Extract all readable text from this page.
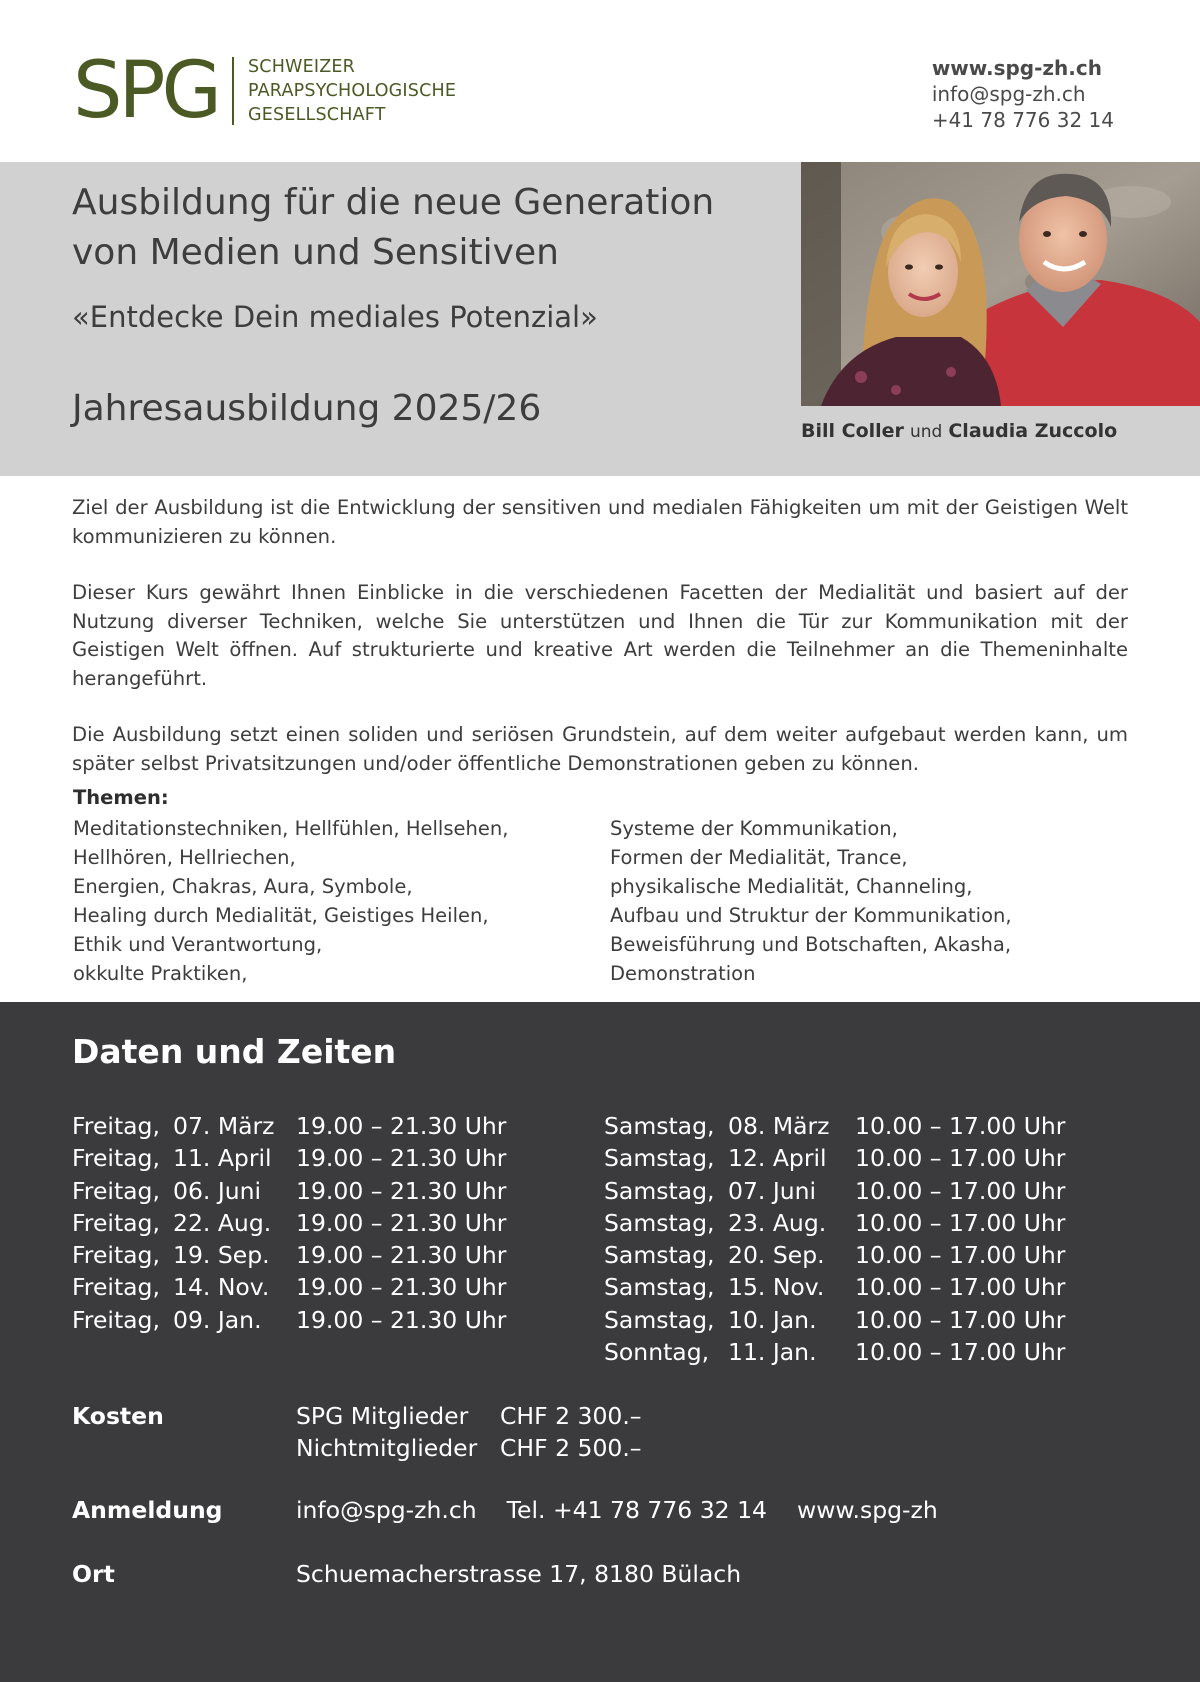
SPG SCHWEIZER
PARAPSYCHOLOGISCHE
GESELLSCHAFT
www.spg-zh.ch
info@spg-zh.ch
+41 78 776 32 14
Ausbildung für die neue Generation
von Medien und Sensitiven
«Entdecke Dein mediales Potenzial»
Jahresausbildung 2025/26
Bill Coller und Claudia Zuccolo

Ziel der Ausbildung ist die Entwicklung der sensitiven und medialen Fähigkeiten um mit der Geistigen Welt kommunizieren zu können.

Dieser Kurs gewährt Ihnen Einblicke in die verschiedenen Facetten der Medialität und basiert auf der Nutzung diverser Techniken, welche Sie unterstützen und Ihnen die Tür zur Kommunikation mit der Geistigen Welt öffnen. Auf strukturierte und kreative Art werden die Teilnehmer an die Themeninhalte herangeführt.

Die Ausbildung setzt einen soliden und seriösen Grundstein, auf dem weiter aufgebaut werden kann, um später selbst Privatsitzungen und/oder öffentliche Demonstrationen geben zu können.

Themen:
Meditationstechniken, Hellfühlen, Hellsehen,
Hellhören, Hellriechen,
Energien, Chakras, Aura, Symbole,
Healing durch Medialität, Geistiges Heilen,
Ethik und Verantwortung,
okkulte Praktiken,
Systeme der Kommunikation,
Formen der Medialität, Trance,
physikalische Medialität, Channeling,
Aufbau und Struktur der Kommunikation,
Beweisführung und Botschaften, Akasha,
Demonstration
Daten und Zeiten
Freitag, 07. März 19.00 – 21.30 Uhr
Freitag, 11. April	19.00 – 21.30 Uhr
Freitag, 06. Juni	19.00 – 21.30 Uhr
Freitag, 22. Aug.	19.00 – 21.30 Uhr
Freitag, 19. Sep.	19.00 – 21.30 Uhr
Freitag, 14. Nov.	19.00 – 21.30 Uhr
Freitag, 09. Jan.	19.00 – 21.30 Uhr
Samstag, 08. März	10.00 – 17.00 Uhr
Samstag, 12. April	10.00 – 17.00 Uhr
Samstag, 07. Juni	10.00 – 17.00 Uhr
Samstag, 23. Aug.	10.00 – 17.00 Uhr
Samstag, 20. Sep.	10.00 – 17.00 Uhr
Samstag, 15. Nov.	10.00 – 17.00 Uhr
Samstag, 10. Jan.	10.00 – 17.00 Uhr
Sonntag, 11. Jan.	10.00 – 17.00 Uhr
Kosten	SPG Mitglieder	CHF 2 300.–
Nichtmitglieder CHF 2 500.–
Anmeldung	info@spg-zh.ch Tel. +41 78 776 32 14 www.spg-zh
Ort	Schuemacherstrasse 17, 8180 Bülach
